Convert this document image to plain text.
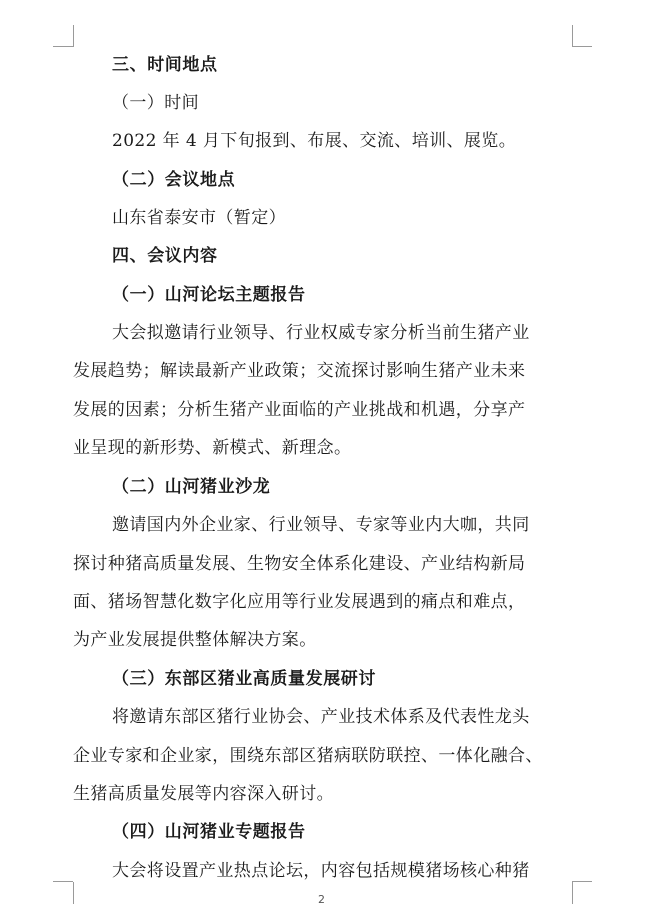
三、时间地点

（一）时间

2022 年 4 月下旬报到、布展、交流、培训、展览。

（二）会议地点

山东省泰安市（暂定）

四、会议内容

（一）山河论坛主题报告

大会拟邀请行业领导、行业权威专家分析当前生猪产业

发展趋势；解读最新产业政策；交流探讨影响生猪产业未来

发展的因素；分析生猪产业面临的产业挑战和机遇，分享产

业呈现的新形势、新模式、新理念。

（二）山河猪业沙龙

邀请国内外企业家、行业领导、专家等业内大咖，共同

探讨种猪高质量发展、生物安全体系化建设、产业结构新局

面、猪场智慧化数字化应用等行业发展遇到的痛点和难点，

为产业发展提供整体解决方案。

（三）东部区猪业高质量发展研讨

将邀请东部区猪行业协会、产业技术体系及代表性龙头

企业专家和企业家，围绕东部区猪病联防联控、一体化融合、

生猪高质量发展等内容深入研讨。

（四）山河猪业专题报告

大会将设置产业热点论坛，内容包括规模猪场核心种猪

2
